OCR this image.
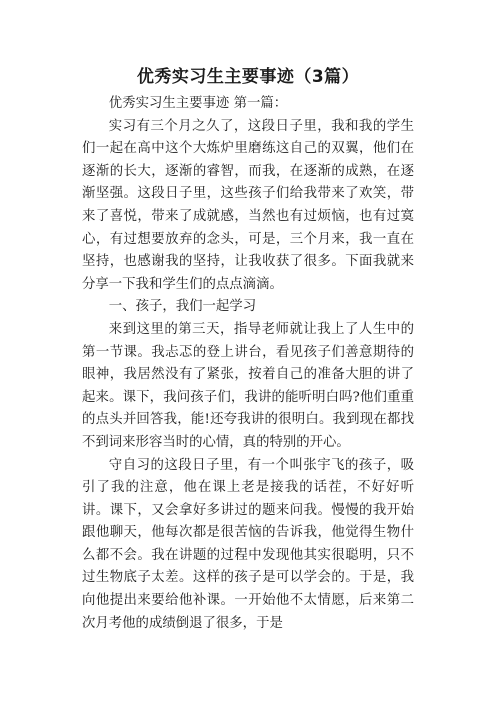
优秀实习生主要事迹（3篇）

优秀实习生主要事迹 第一篇：

实习有三个月之久了，这段日子里，我和我的学生们一起在高中这个大炼炉里磨练这自己的双翼，他们在逐渐的长大，逐渐的睿智，而我，在逐渐的成熟，在逐渐坚强。这段日子里，这些孩子们给我带来了欢笑，带来了喜悦，带来了成就感，当然也有过烦恼，也有过寞心，有过想要放弃的念头，可是，三个月来，我一直在坚持，也感谢我的坚持，让我收获了很多。下面我就来分享一下我和学生们的点点滴滴。

一、孩子，我们一起学习

来到这里的第三天，指导老师就让我上了人生中的第一节课。我忐忑的登上讲台，看见孩子们善意期待的眼神，我居然没有了紧张，按着自己的准备大胆的讲了起来。课下，我问孩子们，我讲的能听明白吗?他们重重的点头并回答我，能!还夸我讲的很明白。我到现在都找不到词来形容当时的心情，真的特别的开心。

守自习的这段日子里，有一个叫张宇飞的孩子，吸引了我的注意，他在课上老是接我的话茬，不好好听讲。课下，又会拿好多讲过的题来问我。慢慢的我开始跟他聊天，他每次都是很苦恼的告诉我，他觉得生物什么都不会。我在讲题的过程中发现他其实很聪明，只不过生物底子太差。这样的孩子是可以学会的。于是，我向他提出来要给他补课。一开始他不太情愿，后来第二次月考他的成绩倒退了很多，于是
